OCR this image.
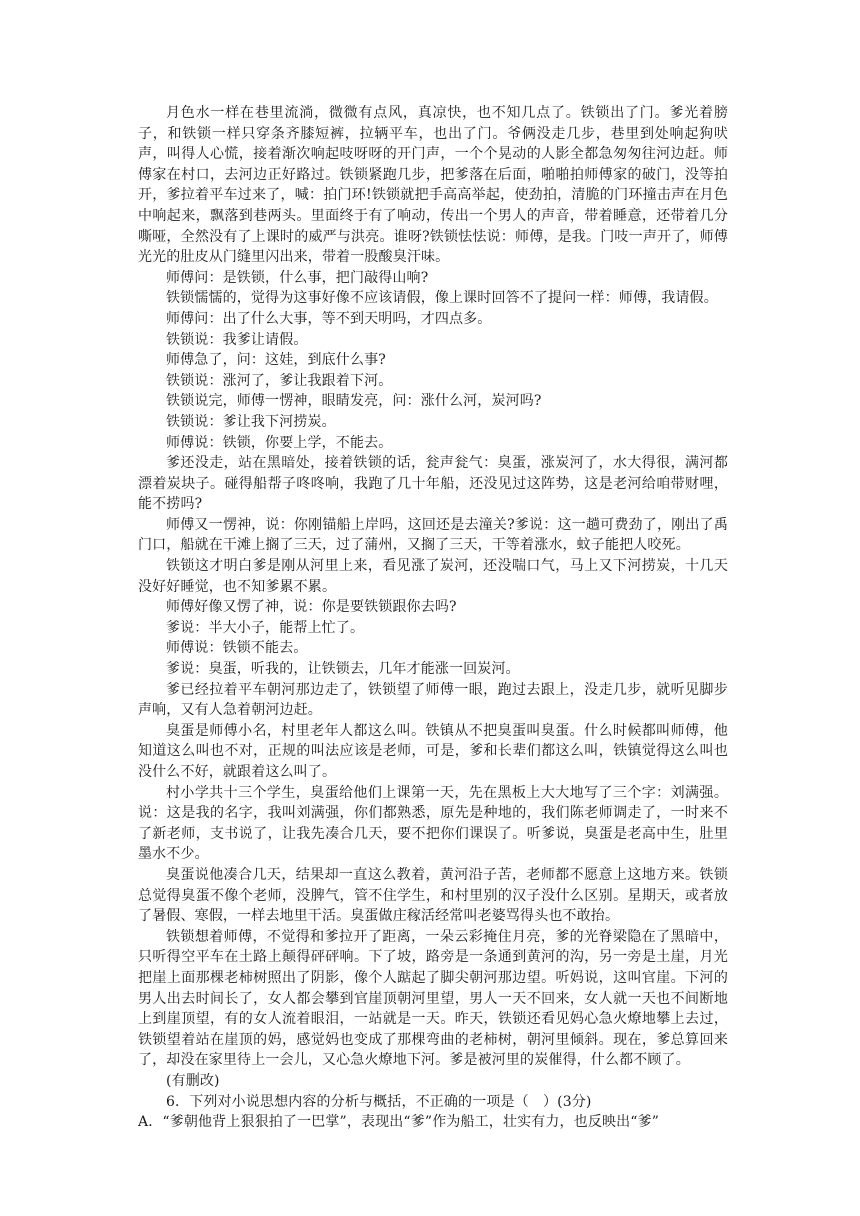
月色水一样在巷里流淌，微微有点风，真凉快，也不知几点了。铁锁出了门。爹光着膀子，和铁锁一样只穿条齐膝短裤，拉辆平车，也出了门。爷俩没走几步，巷里到处响起狗吠声，叫得人心慌，接着渐次响起吱呀呀的开门声，一个个晃动的人影全都急匆匆往河边赶。师傅家在村口，去河边正好路过。铁锁紧跑几步，把爹落在后面，啪啪拍师傅家的破门，没等拍开，爹拉着平车过来了，喊：拍门环!铁锁就把手高高举起，使劲拍，清脆的门环撞击声在月色中响起来，飘落到巷两头。里面终于有了响动，传出一个男人的声音，带着睡意，还带着几分嘶哑，全然没有了上课时的威严与洪亮。谁呀?铁锁怯怯说：师傅，是我。门吱一声开了，师傅光光的肚皮从门缝里闪出来，带着一股酸臭汗味。

师傅问：是铁锁，什么事，把门敲得山响?

铁锁懦懦的，觉得为这事好像不应该请假，像上课时回答不了提问一样：师傅，我请假。

师傅问：出了什么大事，等不到天明吗，才四点多。

铁锁说：我爹让请假。

师傅急了，问：这娃，到底什么事?

铁锁说：涨河了，爹让我跟着下河。

铁锁说完，师傅一愣神，眼睛发亮，问：涨什么河，炭河吗?

铁锁说：爹让我下河捞炭。

师傅说：铁锁，你要上学，不能去。

爹还没走，站在黑暗处，接着铁锁的话，瓮声瓮气：臭蛋，涨炭河了，水大得很，满河都漂着炭块子。碰得船帮子咚咚响，我跑了几十年船，还没见过这阵势，这是老河给咱带财哩，能不捞吗?

师傅又一愣神，说：你刚锚船上岸吗，这回还是去潼关?爹说：这一趟可费劲了，刚出了禹门口，船就在干滩上搁了三天，过了蒲州，又搁了三天，干等着涨水，蚊子能把人咬死。

铁锁这才明白爹是刚从河里上来，看见涨了炭河，还没喘口气，马上又下河捞炭，十几天没好好睡觉，也不知爹累不累。

师傅好像又愣了神，说：你是要铁锁跟你去吗?

爹说：半大小子，能帮上忙了。

师傅说：铁锁不能去。

爹说：臭蛋，听我的，让铁锁去，几年才能涨一回炭河。

爹已经拉着平车朝河那边走了，铁锁望了师傅一眼，跑过去跟上，没走几步，就听见脚步声响，又有人急着朝河边赶。

臭蛋是师傅小名，村里老年人都这么叫。铁镇从不把臭蛋叫臭蛋。什么时候都叫师傅，他知道这么叫也不对，正规的叫法应该是老师，可是，爹和长辈们都这么叫，铁镇觉得这么叫也没什么不好，就跟着这么叫了。

村小学共十三个学生，臭蛋给他们上课第一天，先在黑板上大大地写了三个字：刘满强。说：这是我的名字，我叫刘满强，你们都熟悉，原先是种地的，我们陈老师调走了，一时来不了新老师，支书说了，让我先凑合几天，要不把你们课误了。听爹说，臭蛋是老高中生，肚里墨水不少。

臭蛋说他凑合几天，结果却一直这么教着，黄河沿子苦，老师都不愿意上这地方来。铁锁总觉得臭蛋不像个老师，没脾气，管不住学生，和村里别的汉子没什么区别。星期天，或者放了暑假、寒假，一样去地里干活。臭蛋做庄稼活经常叫老婆骂得头也不敢抬。

铁锁想着师傅，不觉得和爹拉开了距离，一朵云彩掩住月亮，爹的光脊梁隐在了黑暗中，只听得空平车在土路上颠得砰砰响。下了坡，路旁是一条通到黄河的沟，另一旁是土崖，月光把崖上面那棵老柿树照出了阴影，像个人踮起了脚尖朝河那边望。听妈说，这叫官崖。下河的男人出去时间长了，女人都会攀到官崖顶朝河里望，男人一天不回来，女人就一天也不间断地上到崖顶望，有的女人流着眼泪，一站就是一天。昨天，铁锁还看见妈心急火燎地攀上去过，铁锁望着站在崖顶的妈，感觉妈也变成了那棵弯曲的老柿树，朝河里倾斜。现在，爹总算回来了，却没在家里待上一会儿，又心急火燎地下河。爹是被河里的炭催得，什么都不顾了。

(有删改)

6．下列对小说思想内容的分析与概括，不正确的一项是（　）(3分)

A．“爹朝他背上狠狠拍了一巴掌”，表现出“爹”作为船工，壮实有力，也反映出“爹”
